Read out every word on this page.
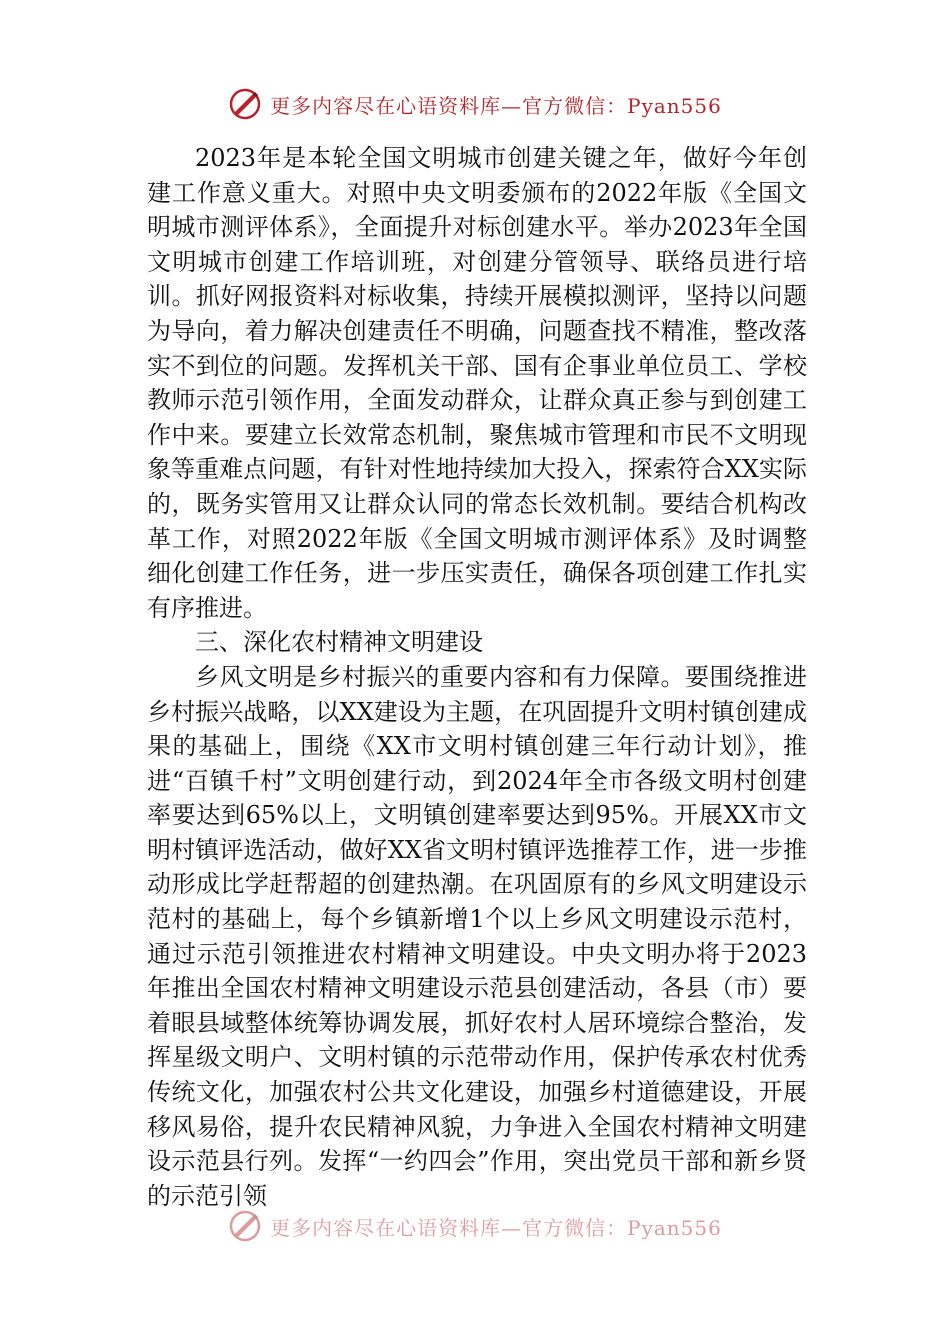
更多内容尽在心语资料库—官方微信：Pyan556

2023年是本轮全国文明城市创建关键之年，做好今年创建工作意义重大。对照中央文明委颁布的2022年版《全国文明城市测评体系》，全面提升对标创建水平。举办2023年全国文明城市创建工作培训班，对创建分管领导、联络员进行培训。抓好网报资料对标收集，持续开展模拟测评，坚持以问题为导向，着力解决创建责任不明确，问题查找不精准，整改落实不到位的问题。发挥机关干部、国有企事业单位员工、学校教师示范引领作用，全面发动群众，让群众真正参与到创建工作中来。要建立长效常态机制，聚焦城市管理和市民不文明现象等重难点问题，有针对性地持续加大投入，探索符合XX实际的，既务实管用又让群众认同的常态长效机制。要结合机构改革工作，对照2022年版《全国文明城市测评体系》及时调整细化创建工作任务，进一步压实责任，确保各项创建工作扎实有序推进。

三、深化农村精神文明建设

乡风文明是乡村振兴的重要内容和有力保障。要围绕推进乡村振兴战略，以XX建设为主题，在巩固提升文明村镇创建成果的基础上，围绕《XX市文明村镇创建三年行动计划》，推进“百镇千村”文明创建行动，到2024年全市各级文明村创建率要达到65%以上，文明镇创建率要达到95%。开展XX市文明村镇评选活动，做好XX省文明村镇评选推荐工作，进一步推动形成比学赶帮超的创建热潮。在巩固原有的乡风文明建设示范村的基础上，每个乡镇新增1个以上乡风文明建设示范村，通过示范引领推进农村精神文明建设。中央文明办将于2023年推出全国农村精神文明建设示范县创建活动，各县（市）要着眼县域整体统筹协调发展，抓好农村人居环境综合整治，发挥星级文明户、文明村镇的示范带动作用，保护传承农村优秀传统文化，加强农村公共文化建设，加强乡村道德建设，开展移风易俗，提升农民精神风貌，力争进入全国农村精神文明建设示范县行列。发挥“一约四会”作用，突出党员干部和新乡贤的示范引领

更多内容尽在心语资料库—官方微信：Pyan556
